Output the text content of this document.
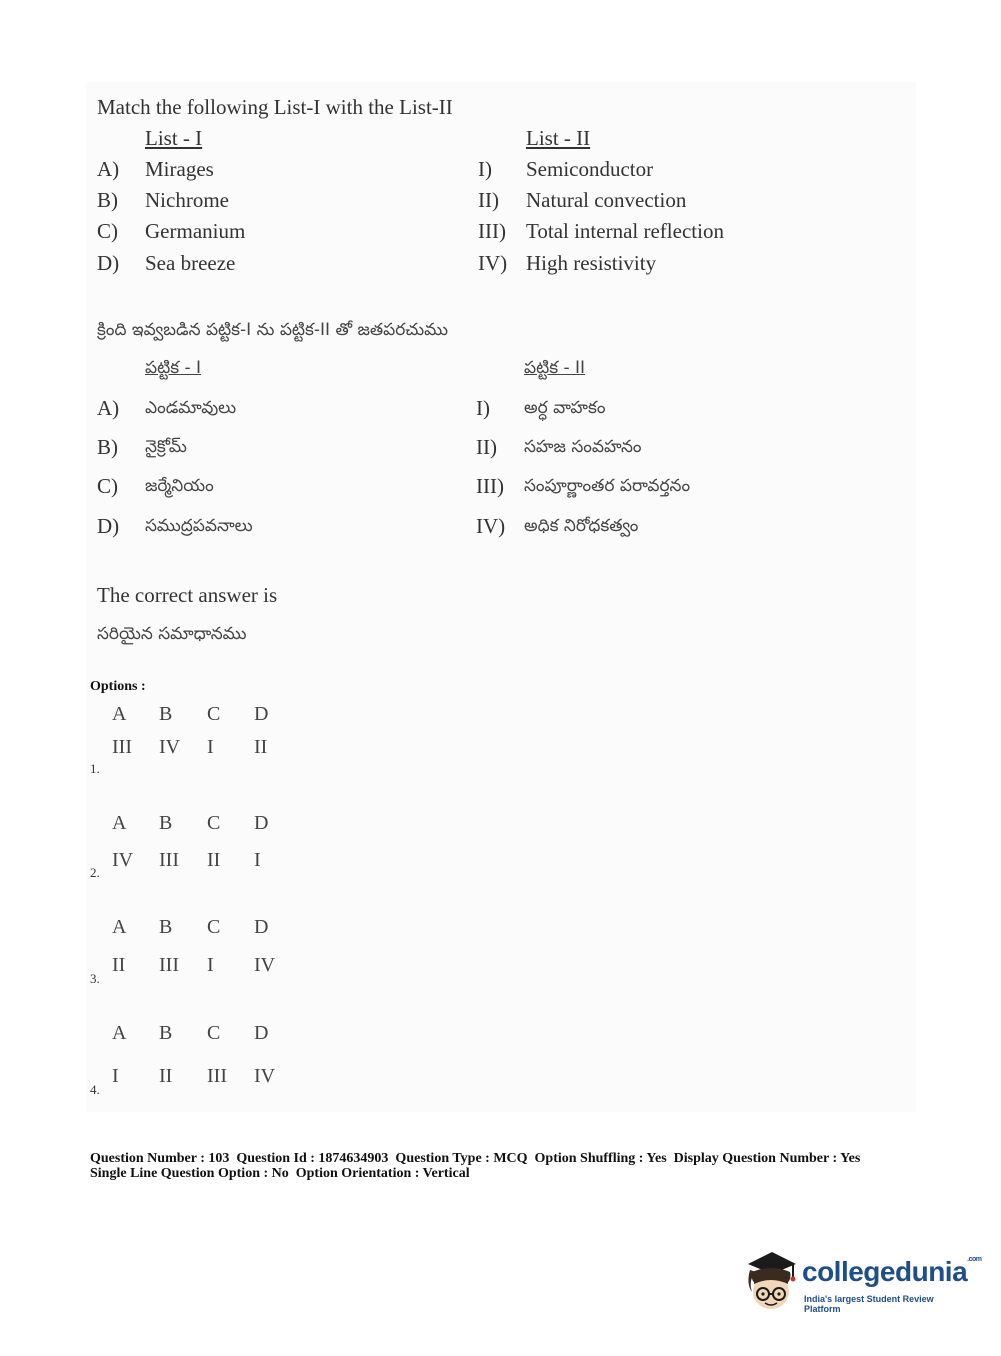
Match the following List-I with the List-II
List - I	List - II
A) Mirages
B) Nichrome
C) Germanium
D) Sea breeze
I) Semiconductor
II) Natural convection
III) Total internal reflection
IV) High resistivity
క్రింది ఇవ్వబడిన పట్టిక-I ను పట్టిక-II తో జతపరచుము
పట్టిక - I	పట్టిక - II
A) ఎండమావులు
B) నైక్రోమ్
C) జర్మేనియం
D) సముద్రపవనాలు
I) అర్ధ వాహకం
II) సహజ సంవహనం
III) సంపూర్ణాంతర పరావర్తనం
IV) అధిక నిరోధకత్వం
The correct answer is
సరియైన సమాధానము
Options :
A B C D
III IV I II
1.
A B C D
IV III II I
2.
A B C D
II III I IV
3.
A B C D
I II III IV
4.
Question Number : 103  Question Id : 1874634903  Question Type : MCQ  Option Shuffling : Yes  Display Question Number : Yes
Single Line Question Option : No  Option Orientation : Vertical
collegedunia$^{.com}$
India's largest Student Review Platform
